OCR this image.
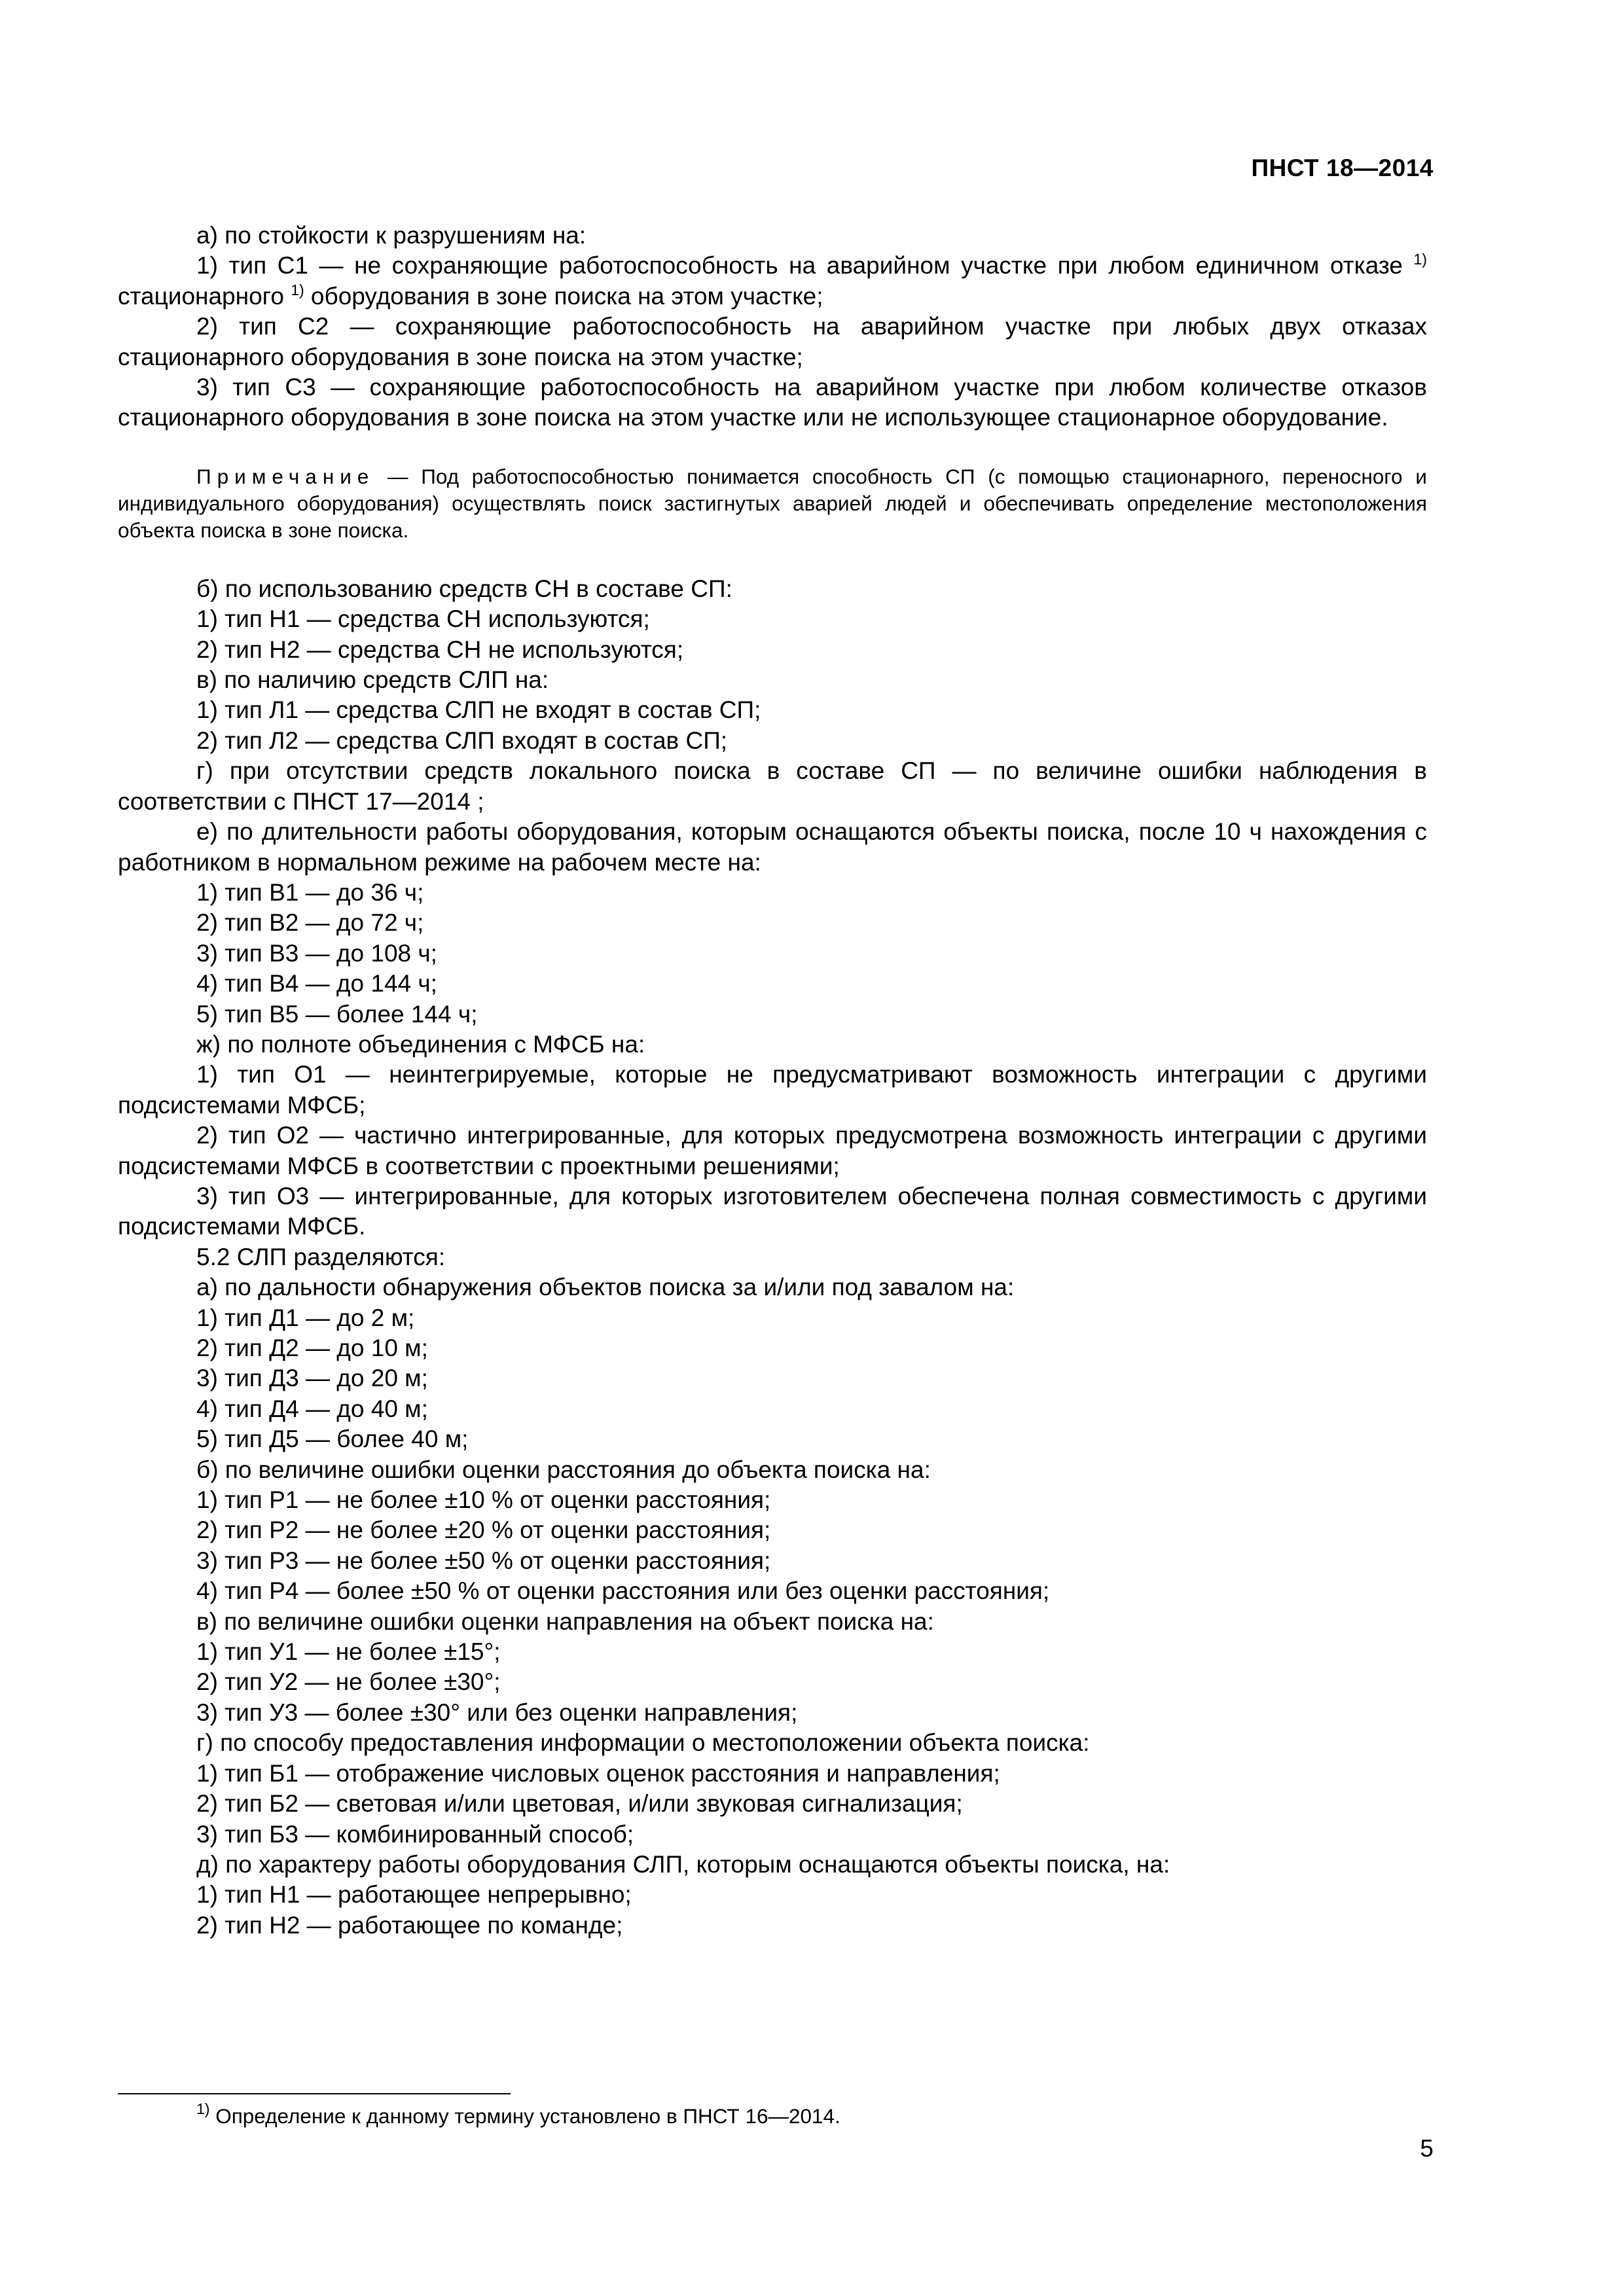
ПНСТ 18—2014

а) по стойкости к разрушениям на:

1) тип С1 — не сохраняющие работоспособность на аварийном участке при любом единичном отказе $^{1)}$ стационарного $^{1)}$ оборудования в зоне поиска на этом участке;

2) тип С2 — сохраняющие работоспособность на аварийном участке при любых двух отказах стационарного оборудования в зоне поиска на этом участке;

3) тип С3 — сохраняющие работоспособность на аварийном участке при любом количестве отказов стационарного оборудования в зоне поиска на этом участке или не использующее стационарное оборудование.

Примечание — Под работоспособностью понимается способность СП (с помощью стационарного, переносного и индивидуального оборудования) осуществлять поиск застигнутых аварией людей и обеспечивать определение местоположения объекта поиска в зоне поиска.

б) по использованию средств СН в составе СП:

1) тип Н1 — средства СН используются;

2) тип Н2 — средства СН не используются;

в) по наличию средств СЛП на:

1) тип Л1 — средства СЛП не входят в состав СП;

2) тип Л2 — средства СЛП входят в состав СП;

г) при отсутствии средств локального поиска в составе СП — по величине ошибки наблюдения в соответствии с ПНСТ 17—2014 ;

е) по длительности работы оборудования, которым оснащаются объекты поиска, после 10 ч нахождения с работником в нормальном режиме на рабочем месте на:

1) тип В1 — до 36 ч;

2) тип В2 — до 72 ч;

3) тип В3 — до 108 ч;

4) тип В4 — до 144 ч;

5) тип В5 — более 144 ч;

ж) по полноте объединения с МФСБ на:

1) тип О1 — неинтегрируемые, которые не предусматривают возможность интеграции с другими подсистемами МФСБ;

2) тип О2 — частично интегрированные, для которых предусмотрена возможность интеграции с другими подсистемами МФСБ в соответствии с проектными решениями;

3) тип О3 — интегрированные, для которых изготовителем обеспечена полная совместимость с другими подсистемами МФСБ.

5.2 СЛП разделяются:

а) по дальности обнаружения объектов поиска за и/или под завалом на:

1) тип Д1 — до 2 м;

2) тип Д2 — до 10 м;

3) тип Д3 — до 20 м;

4) тип Д4 — до 40 м;

5) тип Д5 — более 40 м;

б) по величине ошибки оценки расстояния до объекта поиска на:

1) тип Р1 — не более ±10 % от оценки расстояния;

2) тип Р2 — не более ±20 % от оценки расстояния;

3) тип Р3 — не более ±50 % от оценки расстояния;

4) тип Р4 — более ±50 % от оценки расстояния или без оценки расстояния;

в) по величине ошибки оценки направления на объект поиска на:

1) тип У1 — не более ±15°;

2) тип У2 — не более ±30°;

3) тип У3 — более ±30° или без оценки направления;

г) по способу предоставления информации о местоположении объекта поиска:

1) тип Б1 — отображение числовых оценок расстояния и направления;

2) тип Б2 — световая и/или цветовая, и/или звуковая сигнализация;

3) тип Б3 — комбинированный способ;

д) по характеру работы оборудования СЛП, которым оснащаются объекты поиска, на:

1) тип Н1 — работающее непрерывно;

2) тип Н2 — работающее по команде;

$^{1)}$ Определение к данному термину установлено в ПНСТ 16—2014.
5
